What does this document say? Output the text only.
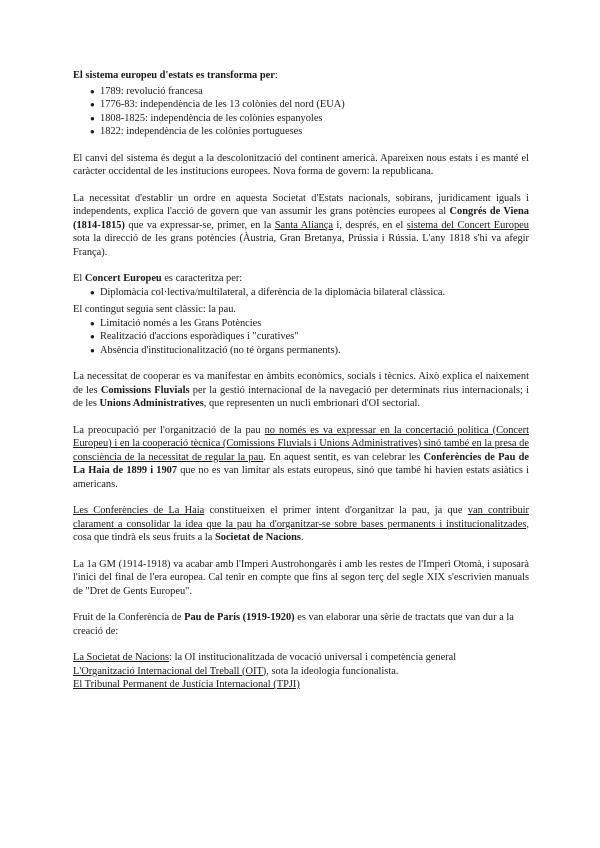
El sistema europeu d'estats es transforma per:

● 1789: revolució francesa
● 1776-83: independència de les 13 colònies del nord (EUA)
● 1808-1825: independència de les colònies espanyoles
● 1822: independència de les colònies portugueses

El canvi del sistema és degut a la descolonització del continent americà. Apareixen nous estats i es manté el caràcter occidental de les institucions europees. Nova forma de govern: la republicana.

La necessitat d'establir un ordre en aquesta Societat d'Estats nacionals, sobirans, jurídicament iguals i independents, explica l'acció de govern que van assumir les grans potències europees al Congrés de Viena (1814-1815) que va expressar-se, primer, en la Santa Aliança i, després, en el sistema del Concert Europeu sota la direcció de les grans potències (Àustria, Gran Bretanya, Prússia i Rússia. L'any 1818 s'hi va afegir França).

El Concert Europeu es caracteritza per:

● Diplomàcia col·lectiva/multilateral, a diferència de la diplomàcia bilateral clàssica.

El contingut seguia sent clàssic: la pau.

● Limitació només a les Grans Potències
● Realització d'accions esporàdiques i "curatives"
● Absència d'institucionalització (no té òrgans permanents).

La necessitat de cooperar es va manifestar en àmbits econòmics, socials i tècnics. Això explica el naixement de les Comissions Fluvials per la gestió internacional de la navegació per determinats rius internacionals; i de les Unions Administratives, que representen un nucli embrionari d'OI sectorial.

La preocupació per l'organització de la pau no només es va expressar en la concertació política (Concert Europeu) i en la cooperació tècnica (Comissions Fluvials i Unions Administratives) sinó també en la presa de consciència de la necessitat de regular la pau. En aquest sentit, es van celebrar les Conferències de Pau de La Haia de 1899 i 1907 que no es van limitar als estats europeus, sinó que també hi havien estats asiàtics i americans.

Les Conferències de La Haia constitueixen el primer intent d'organitzar la pau, ja que van contribuir clarament a consolidar la idea que la pau ha d'organitzar-se sobre bases permanents i institucionalitzades, cosa que tindrà els seus fruits a la Societat de Nacions.

La 1a GM (1914-1918) va acabar amb l'Imperi Austrohongarès i amb les restes de l'Imperi Otomà, i suposarà l'inici del final de l'era europea. Cal tenir en compte que fins al segon terç del segle XIX s'escrivien manuals de "Dret de Gents Europeu".

Fruit de la Conferència de Pau de París (1919-1920) es van elaborar una sèrie de tractats que van dur a la creació de:

La Societat de Nacions: la OI institucionalitzada de vocació universal i competència general

L'Organització Internacional del Treball (OIT), sota la ideologia funcionalista.

El Tribunal Permanent de Justícia Internacional (TPJI)
